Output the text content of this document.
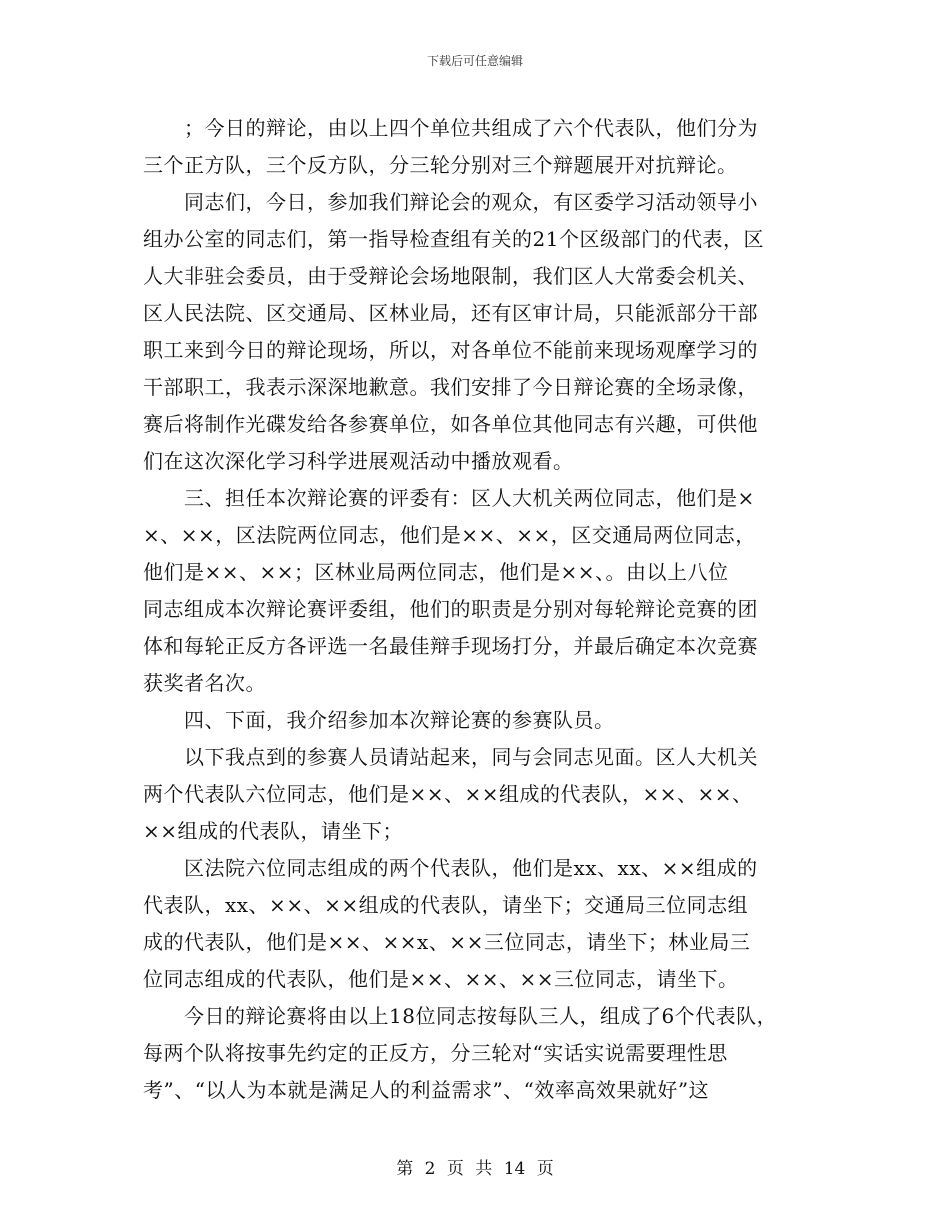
下载后可任意编辑
　　；今日的辩论，由以上四个单位共组成了六个代表队，他们分为
三个正方队，三个反方队，分三轮分别对三个辩题展开对抗辩论。
　　同志们，今日，参加我们辩论会的观众，有区委学习活动领导小
组办公室的同志们，第一指导检查组有关的21个区级部门的代表，区
人大非驻会委员，由于受辩论会场地限制，我们区人大常委会机关、
区人民法院、区交通局、区林业局，还有区审计局，只能派部分干部
职工来到今日的辩论现场，所以，对各单位不能前来现场观摩学习的
干部职工，我表示深深地歉意。我们安排了今日辩论赛的全场录像，
赛后将制作光碟发给各参赛单位，如各单位其他同志有兴趣，可供他
们在这次深化学习科学进展观活动中播放观看。
　　三、担任本次辩论赛的评委有：区人大机关两位同志，他们是×
×、××，区法院两位同志，他们是××、××，区交通局两位同志，
他们是××、××；区林业局两位同志，他们是××、。由以上八位
同志组成本次辩论赛评委组，他们的职责是分别对每轮辩论竞赛的团
体和每轮正反方各评选一名最佳辩手现场打分，并最后确定本次竞赛
获奖者名次。
　　四、下面，我介绍参加本次辩论赛的参赛队员。
　　以下我点到的参赛人员请站起来，同与会同志见面。区人大机关
两个代表队六位同志，他们是××、××组成的代表队，××、××、
××组成的代表队，请坐下；
　　区法院六位同志组成的两个代表队，他们是xx、xx、××组成的
代表队，xx、××、××组成的代表队，请坐下；交通局三位同志组
成的代表队，他们是××、××x、××三位同志，请坐下；林业局三
位同志组成的代表队，他们是××、××、××三位同志，请坐下。
　　今日的辩论赛将由以上18位同志按每队三人，组成了6个代表队，
每两个队将按事先约定的正反方，分三轮对“实话实说需要理性思
考”、“以人为本就是满足人的利益需求”、“效率高效果就好”这
第 2 页 共 14 页
